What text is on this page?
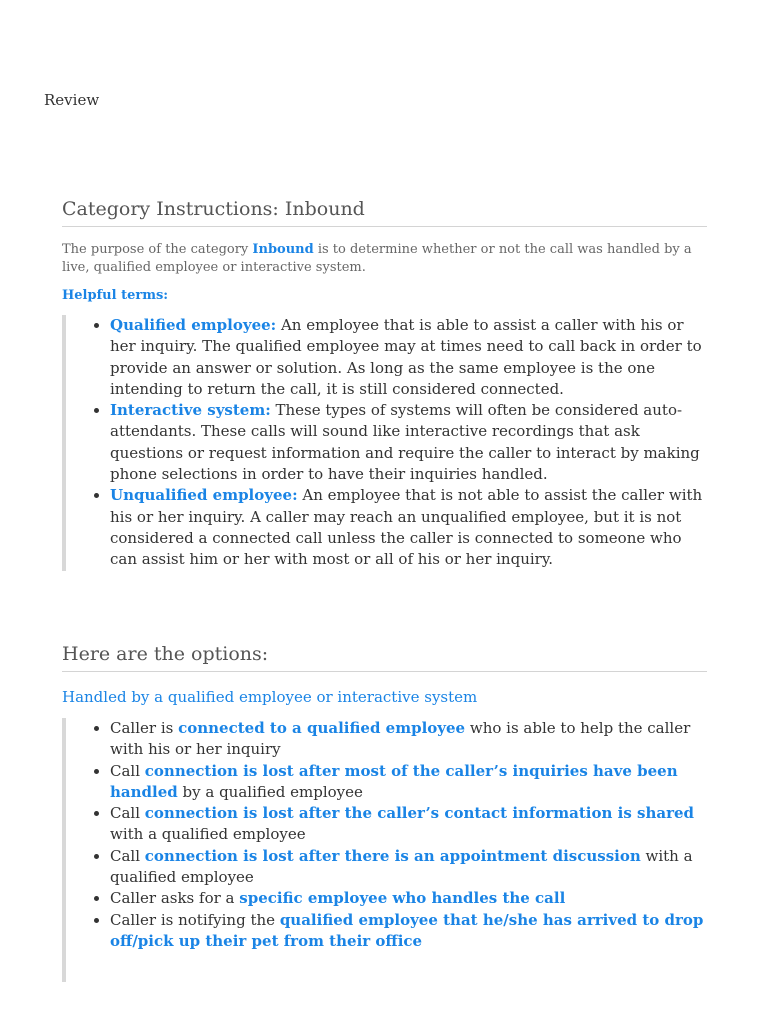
Review
Category Instructions: Inbound

The purpose of the category Inbound is to determine whether or not the call was handled by a live, qualified employee or interactive system.

Helpful terms:

• Qualified employee: An employee that is able to assist a caller with his or her inquiry. The qualified employee may at times need to call back in order to provide an answer or solution. As long as the same employee is the one intending to return the call, it is still considered connected.
• Interactive system: These types of systems will often be considered auto-attendants. These calls will sound like interactive recordings that ask questions or request information and require the caller to interact by making phone selections in order to have their inquiries handled.
• Unqualified employee: An employee that is not able to assist the caller with his or her inquiry. A caller may reach an unqualified employee, but it is not considered a connected call unless the caller is connected to someone who can assist him or her with most or all of his or her inquiry.
Here are the options:
Handled by a qualified employee or interactive system
• Caller is connected to a qualified employee who is able to help the caller with his or her inquiry
• Call connection is lost after most of the caller’s inquiries have been handled by a qualified employee
• Call connection is lost after the caller’s contact information is shared with a qualified employee
• Call connection is lost after there is an appointment discussion with a qualified employee
• Caller asks for a specific employee who handles the call
• Caller is notifying the qualified employee that he/she has arrived to drop off/pick up their pet from their office
